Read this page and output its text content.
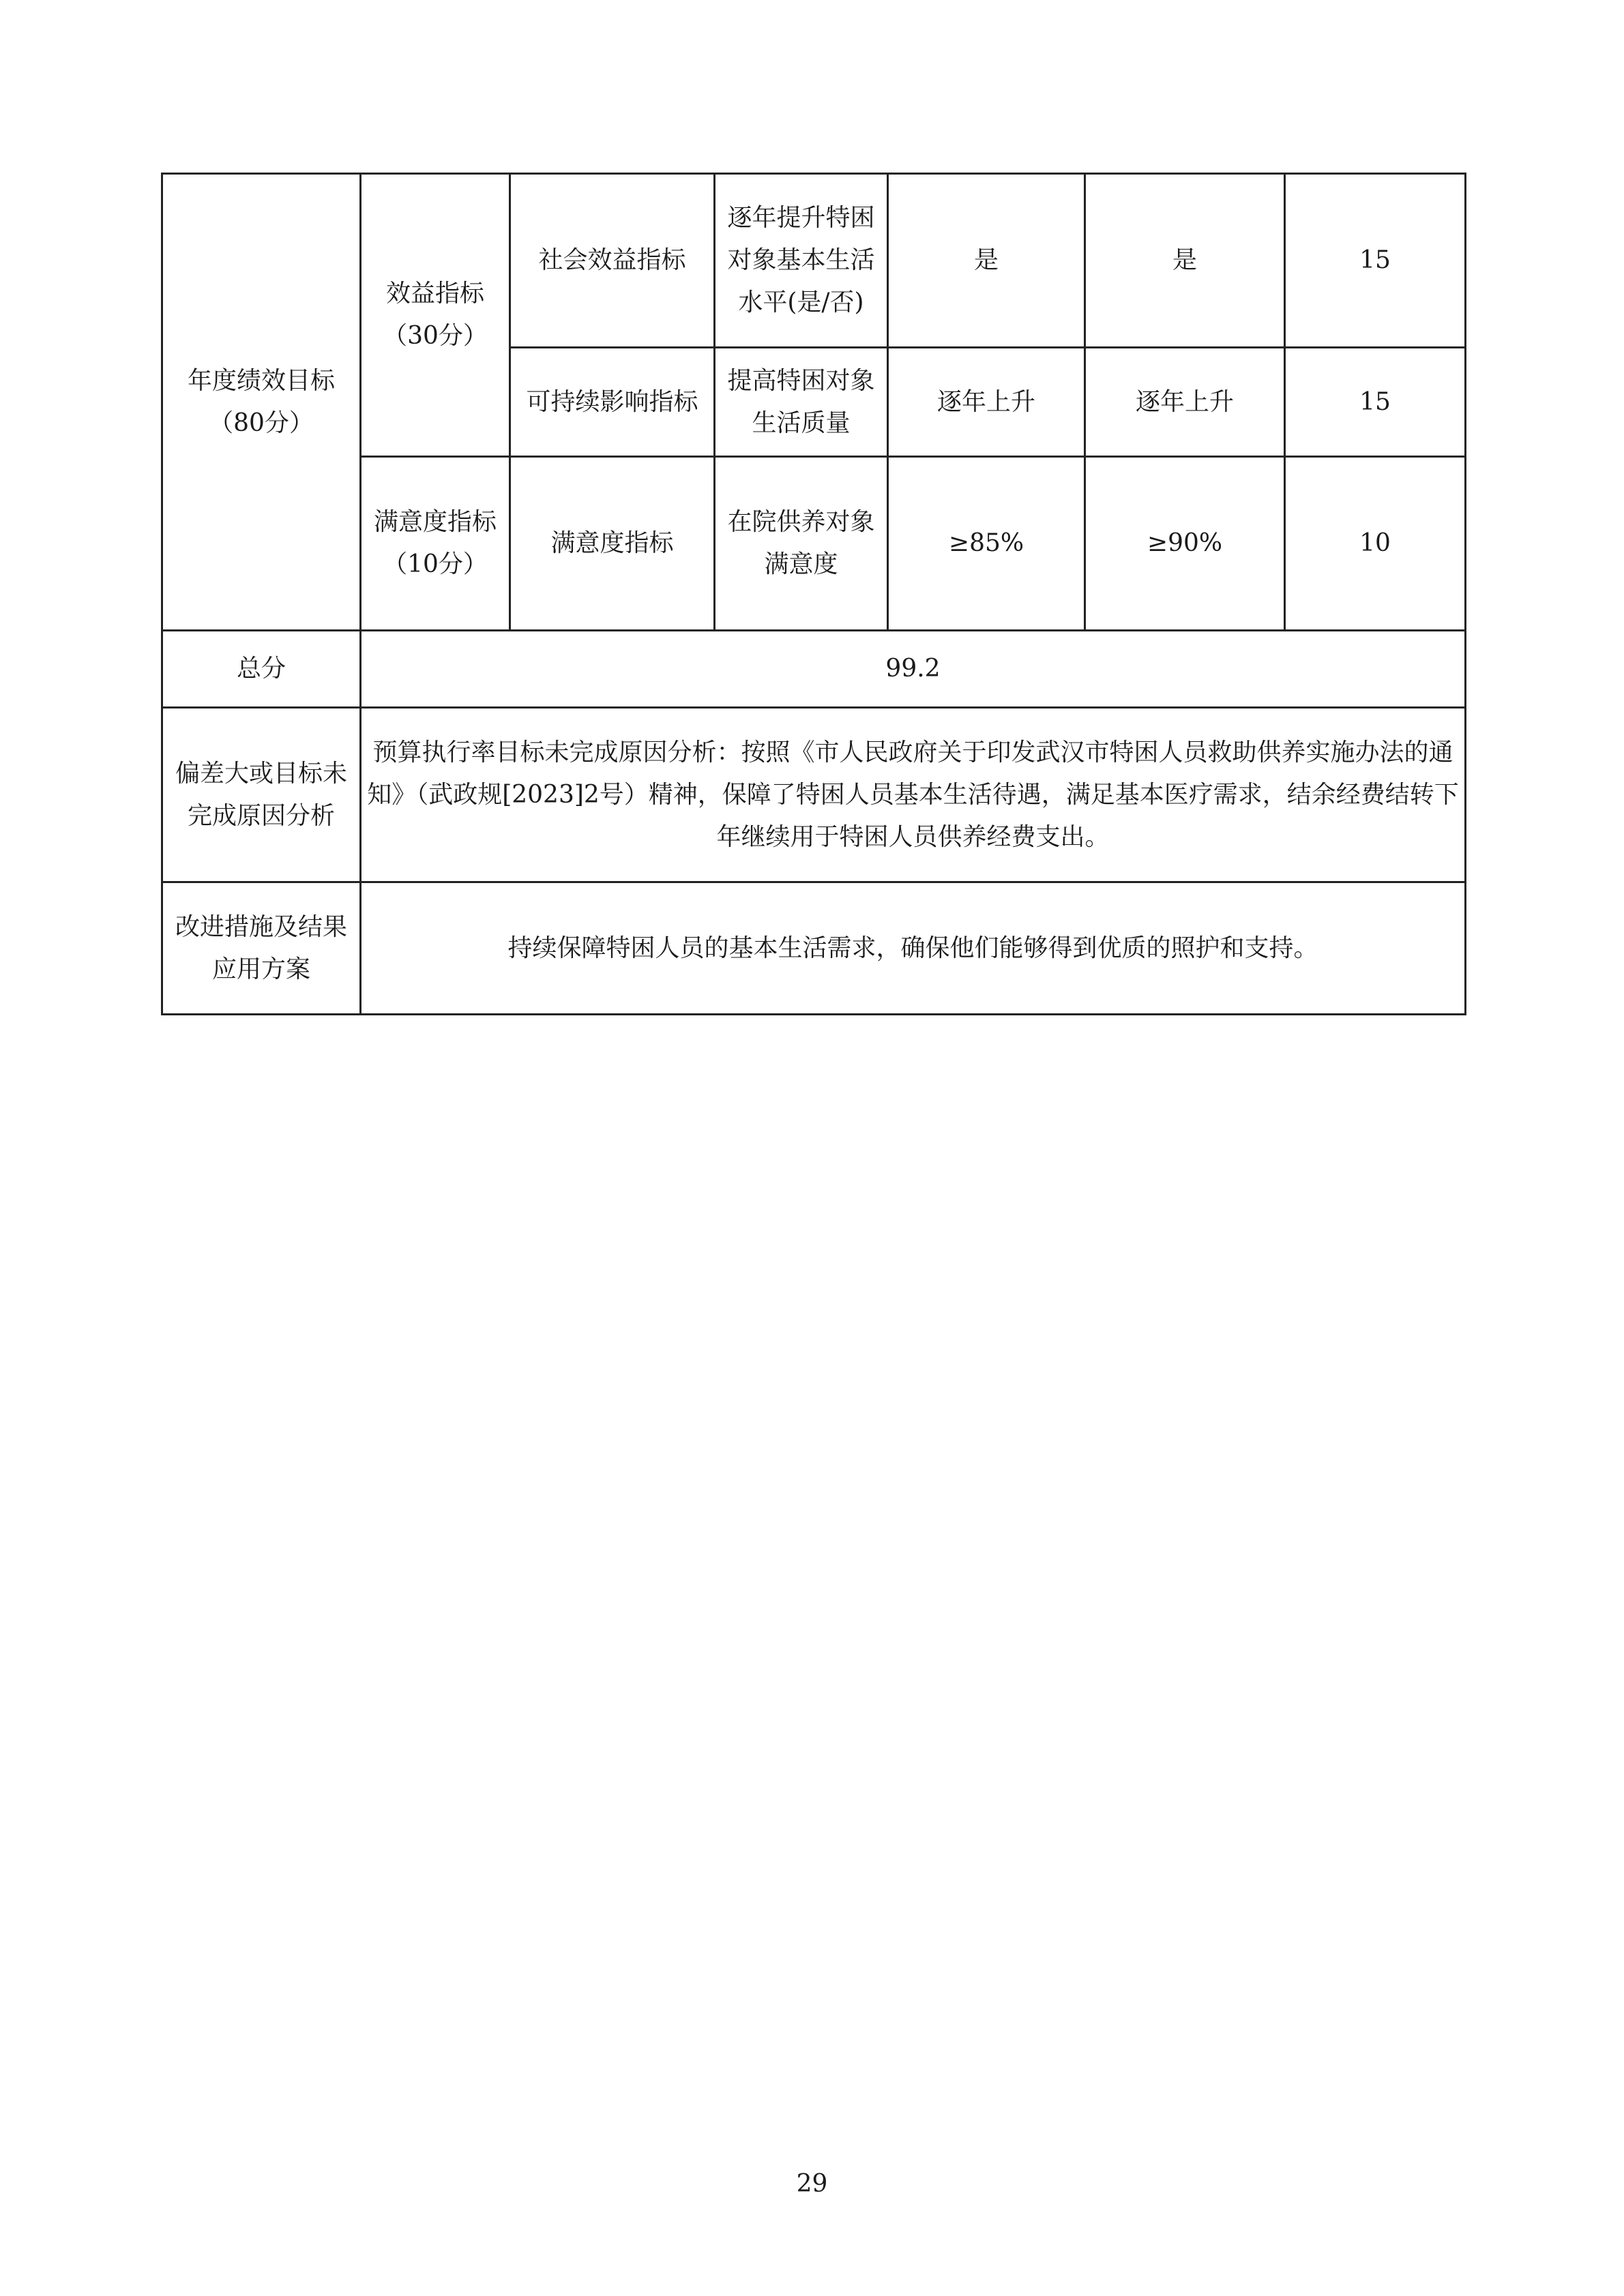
年度绩效目标（80分）	效益指标（30分）	社会效益指标	逐年提升特困对象基本生活水平(是/否)	是	是	15
		可持续影响指标	提高特困对象生活质量	逐年上升	逐年上升	15
	满意度指标（10分）	满意度指标	在院供养对象满意度	≥85%	≥90%	10
总分	99.2					
偏差大或目标未完成原因分析	预算执行率目标未完成原因分析：按照《市人民政府关于印发武汉市特困人员救助供养实施办法的通知》（武政规[2023]2号）精神，保障了特困人员基本生活待遇，满足基本医疗需求，结余经费结转下年继续用于特困人员供养经费支出。					
改进措施及结果应用方案	持续保障特困人员的基本生活需求，确保他们能够得到优质的照护和支持。					
29
